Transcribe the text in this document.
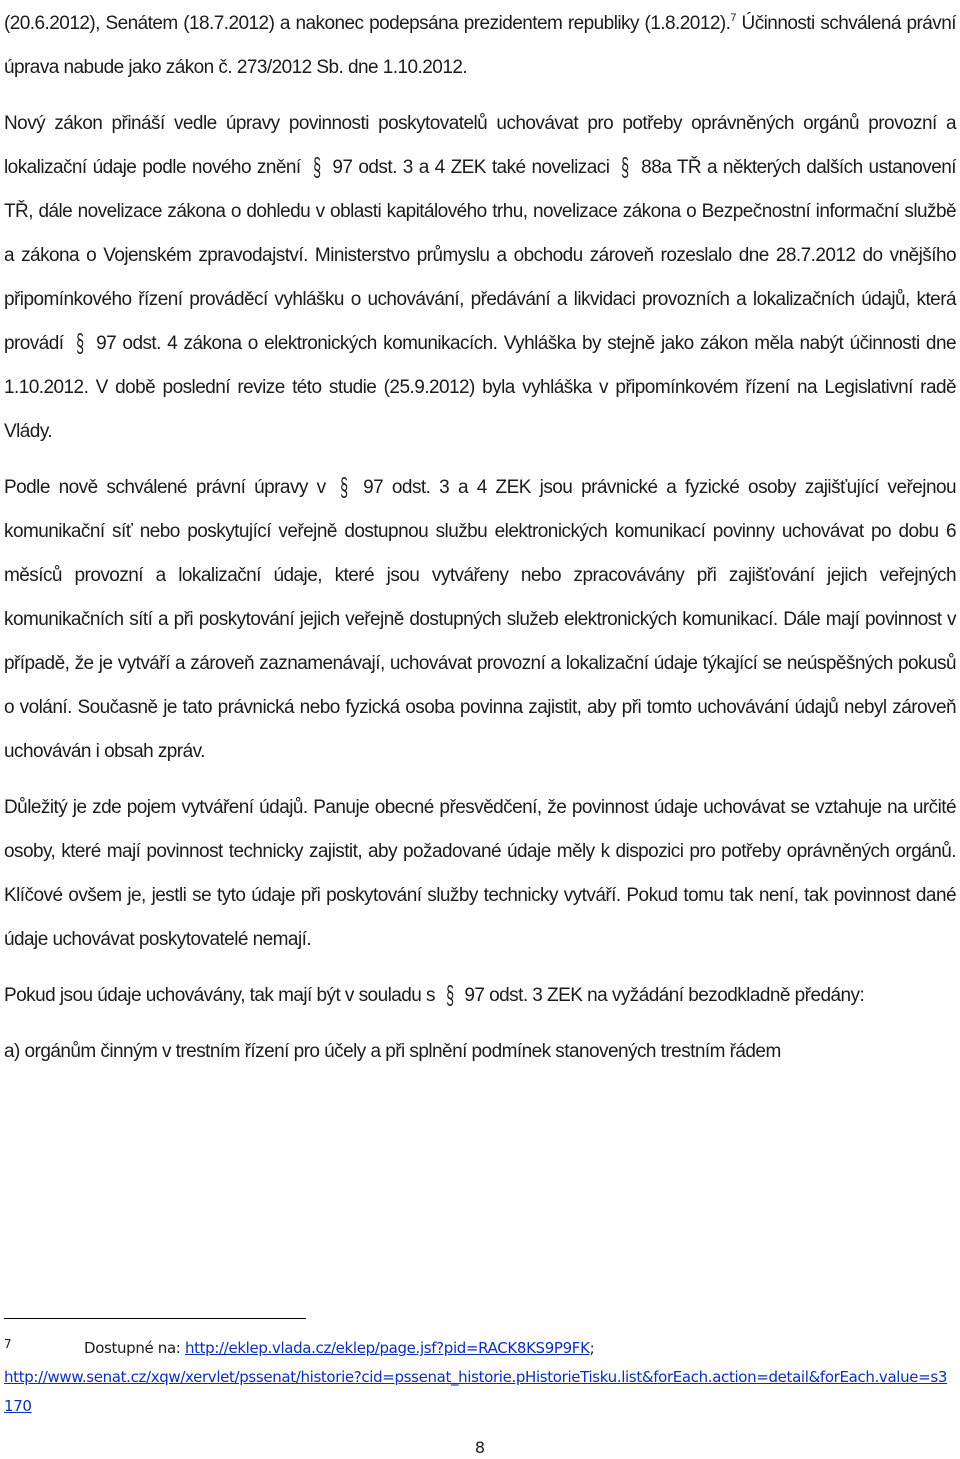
(20.6.2012), Senátem (18.7.2012) a nakonec podepsána prezidentem republiky (1.8.2012).$^7$ Účinnosti schválená právní úprava nabude jako zákon č. 273/2012 Sb. dne 1.10.2012.

Nový zákon přináší vedle úpravy povinnosti poskytovatelů uchovávat pro potřeby oprávněných orgánů provozní a lokalizační údaje podle nového znění § 97 odst. 3 a 4 ZEK také novelizaci § 88a TŘ a některých dalších ustanovení TŘ, dále novelizace zákona o dohledu v oblasti kapitálového trhu, novelizace zákona o Bezpečnostní informační službě a zákona o Vojenském zpravodajství. Ministerstvo průmyslu a obchodu zároveň rozeslalo dne 28.7.2012 do vnějšího připomínkového řízení prováděcí vyhlášku o uchovávání, předávání a likvidaci provozních a lokalizačních údajů, která provádí § 97 odst. 4 zákona o elektronických komunikacích. Vyhláška by stejně jako zákon měla nabýt účinnosti dne 1.10.2012. V době poslední revize této studie (25.9.2012) byla vyhláška v připomínkovém řízení na Legislativní radě Vlády.

Podle nově schválené právní úpravy v § 97 odst. 3 a 4 ZEK jsou právnické a fyzické osoby zajišťující veřejnou komunikační síť nebo poskytující veřejně dostupnou službu elektronických komunikací povinny uchovávat po dobu 6 měsíců provozní a lokalizační údaje, které jsou vytvářeny nebo zpracovávány při zajišťování jejich veřejných komunikačních sítí a při poskytování jejich veřejně dostupných služeb elektronických komunikací. Dále mají povinnost v případě, že je vytváří a zároveň zaznamenávají, uchovávat provozní a lokalizační údaje týkající se neúspěšných pokusů o volání. Současně je tato právnická nebo fyzická osoba povinna zajistit, aby při tomto uchovávání údajů nebyl zároveň uchováván i obsah zpráv.

Důležitý je zde pojem vytváření údajů. Panuje obecné přesvědčení, že povinnost údaje uchovávat se vztahuje na určité osoby, které mají povinnost technicky zajistit, aby požadované údaje měly k dispozici pro potřeby oprávněných orgánů. Klíčové ovšem je, jestli se tyto údaje při poskytování služby technicky vytváří. Pokud tomu tak není, tak povinnost dané údaje uchovávat poskytovatelé nemají.

Pokud jsou údaje uchovávány, tak mají být v souladu s § 97 odst. 3 ZEK na vyžádání bezodkladně předány:

a) orgánům činným v trestním řízení pro účely a při splnění podmínek stanovených trestním řádem

7	Dostupné na: http://eklep.vlada.cz/eklep/page.jsf?pid=RACK8KS9P9FK;
http://www.senat.cz/xqw/xervlet/pssenat/historie?cid=pssenat_historie.pHistorieTisku.list&forEach.action=detail&forEach.value=s3170
8
